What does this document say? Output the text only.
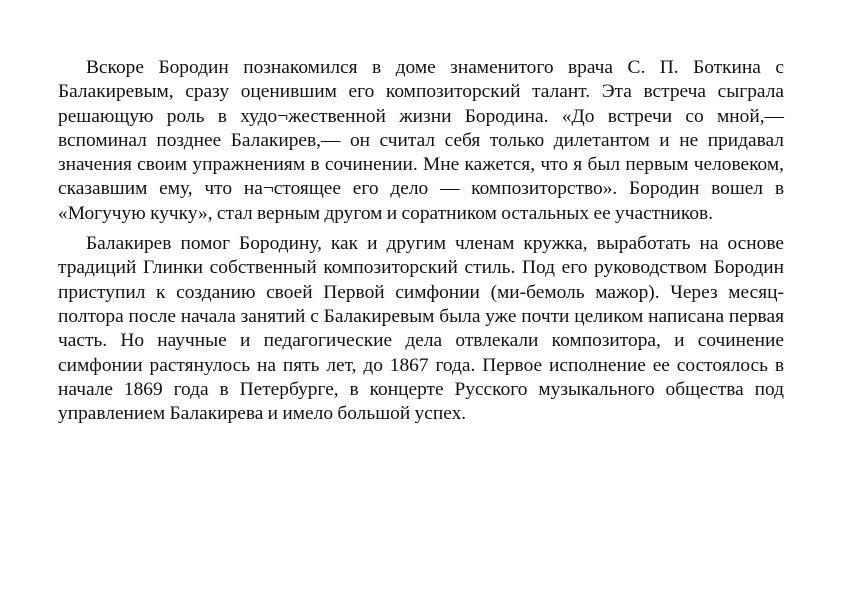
Вскоре Бородин познакомился в доме знаменитого врача С. П. Боткина с Балакиревым, сразу оценившим его композиторский талант. Эта встреча сыграла решающую роль в худо¬жественной жизни Бородина. «До встречи со мной,— вспоминал позднее Балакирев,— он считал себя только дилетантом и не придавал значения своим упражнениям в сочинении. Мне кажется, что я был первым человеком, сказавшим ему, что на¬стоящее его дело — композиторство». Бородин вошел в «Могучую кучку», стал верным другом и соратником остальных ее участников.

Балакирев помог Бородину, как и другим членам кружка, выработать на основе традиций Глинки собственный композиторский стиль. Под его руководством Бородин приступил к созданию своей Первой симфонии (ми-бемоль мажор). Через месяц-полтора после начала занятий с Балакиревым была уже почти целиком написана первая часть. Но научные и педагогические дела отвлекали композитора, и сочинение симфонии растянулось на пять лет, до 1867 года. Первое исполнение ее состоялось в начале 1869 года в Петербурге, в концерте Русского музыкального общества под управлением Балакирева и имело большой успех.
